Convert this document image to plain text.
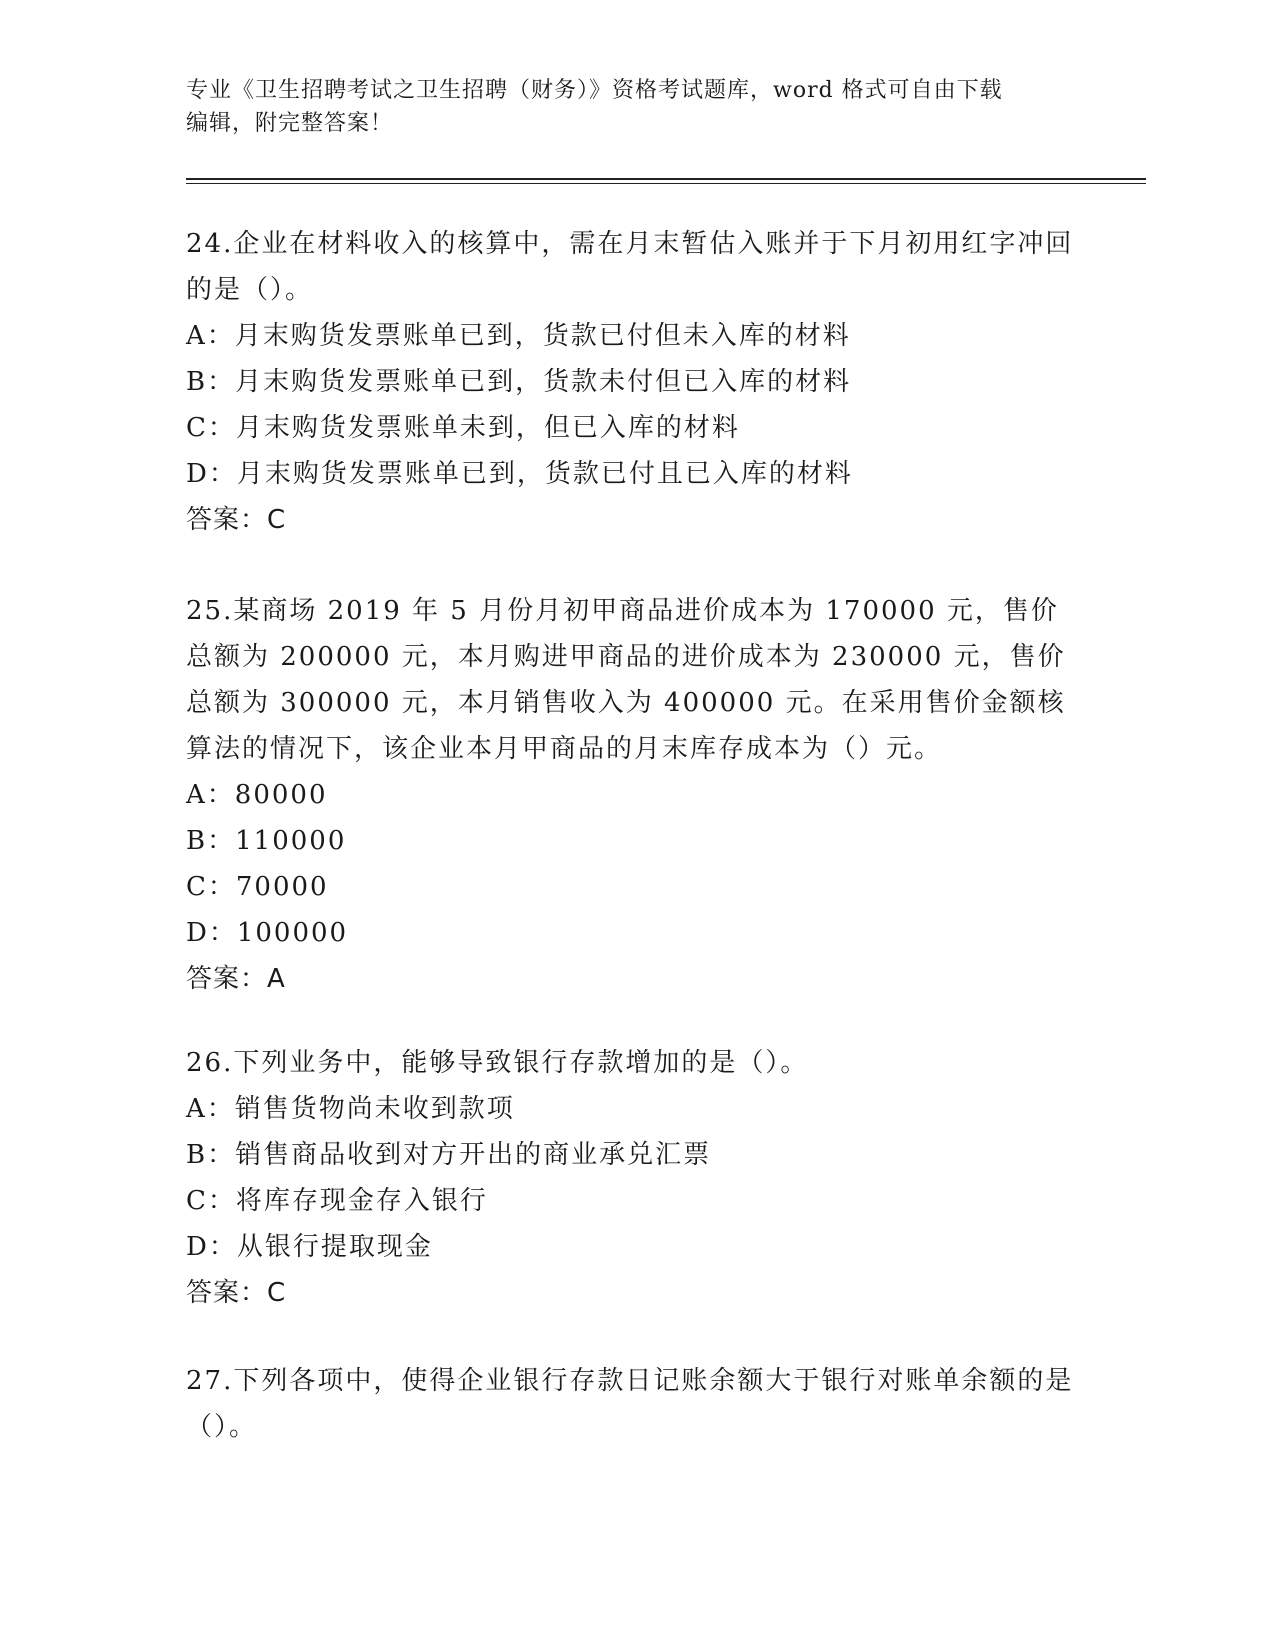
专业《卫生招聘考试之卫生招聘（财务）》资格考试题库，word 格式可自由下载
编辑，附完整答案！
24.企业在材料收入的核算中，需在月末暂估入账并于下月初用红字冲回的是（）。
A：月末购货发票账单已到，货款已付但未入库的材料
B：月末购货发票账单已到，货款未付但已入库的材料
C：月末购货发票账单未到，但已入库的材料
D：月末购货发票账单已到，货款已付且已入库的材料
答案：C
25.某商场 2019 年 5 月份月初甲商品进价成本为 170000 元，售价总额为 200000 元，本月购进甲商品的进价成本为 230000 元，售价总额为 300000 元，本月销售收入为 400000 元。在采用售价金额核算法的情况下，该企业本月甲商品的月末库存成本为（）元。
A：80000
B：110000
C：70000
D：100000
答案：A
26.下列业务中，能够导致银行存款增加的是（）。
A：销售货物尚未收到款项
B：销售商品收到对方开出的商业承兑汇票
C：将库存现金存入银行
D：从银行提取现金
答案：C
27.下列各项中，使得企业银行存款日记账余额大于银行对账单余额的是（）。
